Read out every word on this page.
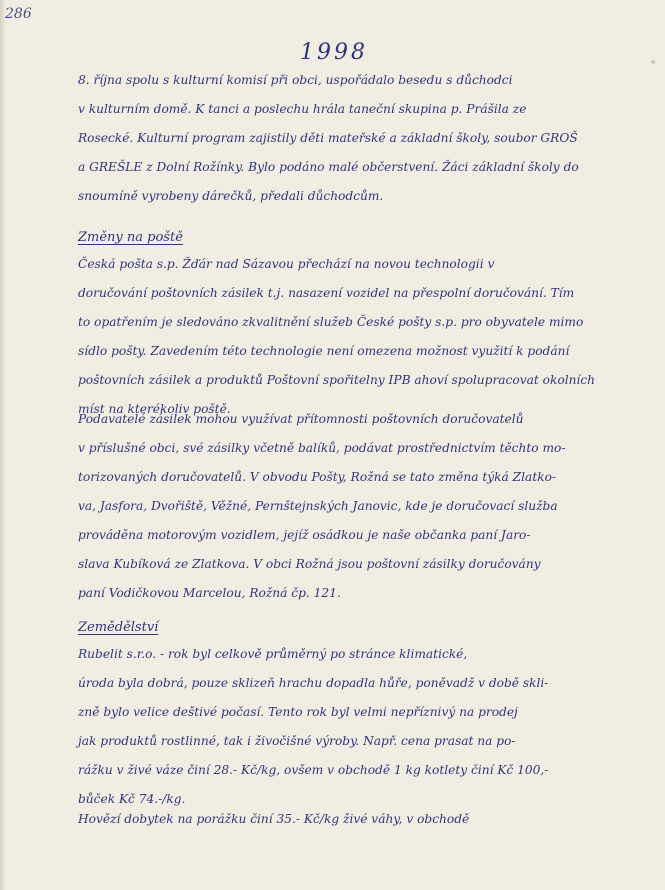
286
1998
8. října spolu s kulturní komisí při obci, uspořádalo besedu s důchodci
v kulturním domě. K tanci a poslechu hrála taneční skupina p. Prášila ze
Rosecké. Kulturní program zajistily děti mateřské a základní školy, soubor GROŠ
a GREŠLE z Dolní Rožínky. Bylo podáno malé občerstvení. Žáci základní školy do
snoumíně vyrobeny dárečků, předali důchodcům.
Změny na poště
Česká pošta s.p. Žďár nad Sázavou přechází na novou technologii v
doručování poštovních zásilek t.j. nasazení vozidel na přespolní doručování. Tím
to opatřením je sledováno zkvalitnění služeb České pošty s.p. pro obyvatele mimo
sídlo pošty. Zavedením této technologie není omezena možnost využití k podání
poštovních zásilek a produktů Poštovní spořitelny IPB ahoví spolupracovat okolních
míst na kterékoliv poště.
Podavatelé zásilek mohou využívat přítomnosti poštovních doručovatelů
v příslušné obci, své zásilky včetně balíků, podávat prostřednictvím těchto mo-
torizovaných doručovatelů. V obvodu Pošty, Rožná se tato změna týká Zlatko-
va, Jasfora, Dvořiště, Věžné, Pernštejnských Janovic, kde je doručovací služba
prováděna motorovým vozidlem, jejíž osádkou je naše občanka paní Jaro-
slava Kubíková ze Zlatkova. V obci Rožná jsou poštovní zásilky doručovány
paní Vodičkovou Marcelou, Rožná čp. 121.
Zemědělství
Rubelit s.r.o. - rok byl celkově průměrný po stránce klimatické,
úroda byla dobrá, pouze sklizeň hrachu dopadla hůře, poněvadž v době skli-
zně bylo velice deštivé počasí. Tento rok byl velmi nepříznivý na prodej
jak produktů rostlinné, tak i živočišné výroby. Např. cena prasat na po-
rážku v živé váze činí 28.- Kč/kg, ovšem v obchodě 1 kg kotlety činí Kč 100,-
bůček Kč 74.-/kg.
Hovězí dobytek na porážku činí 35.- Kč/kg živé váhy, v obchodě
